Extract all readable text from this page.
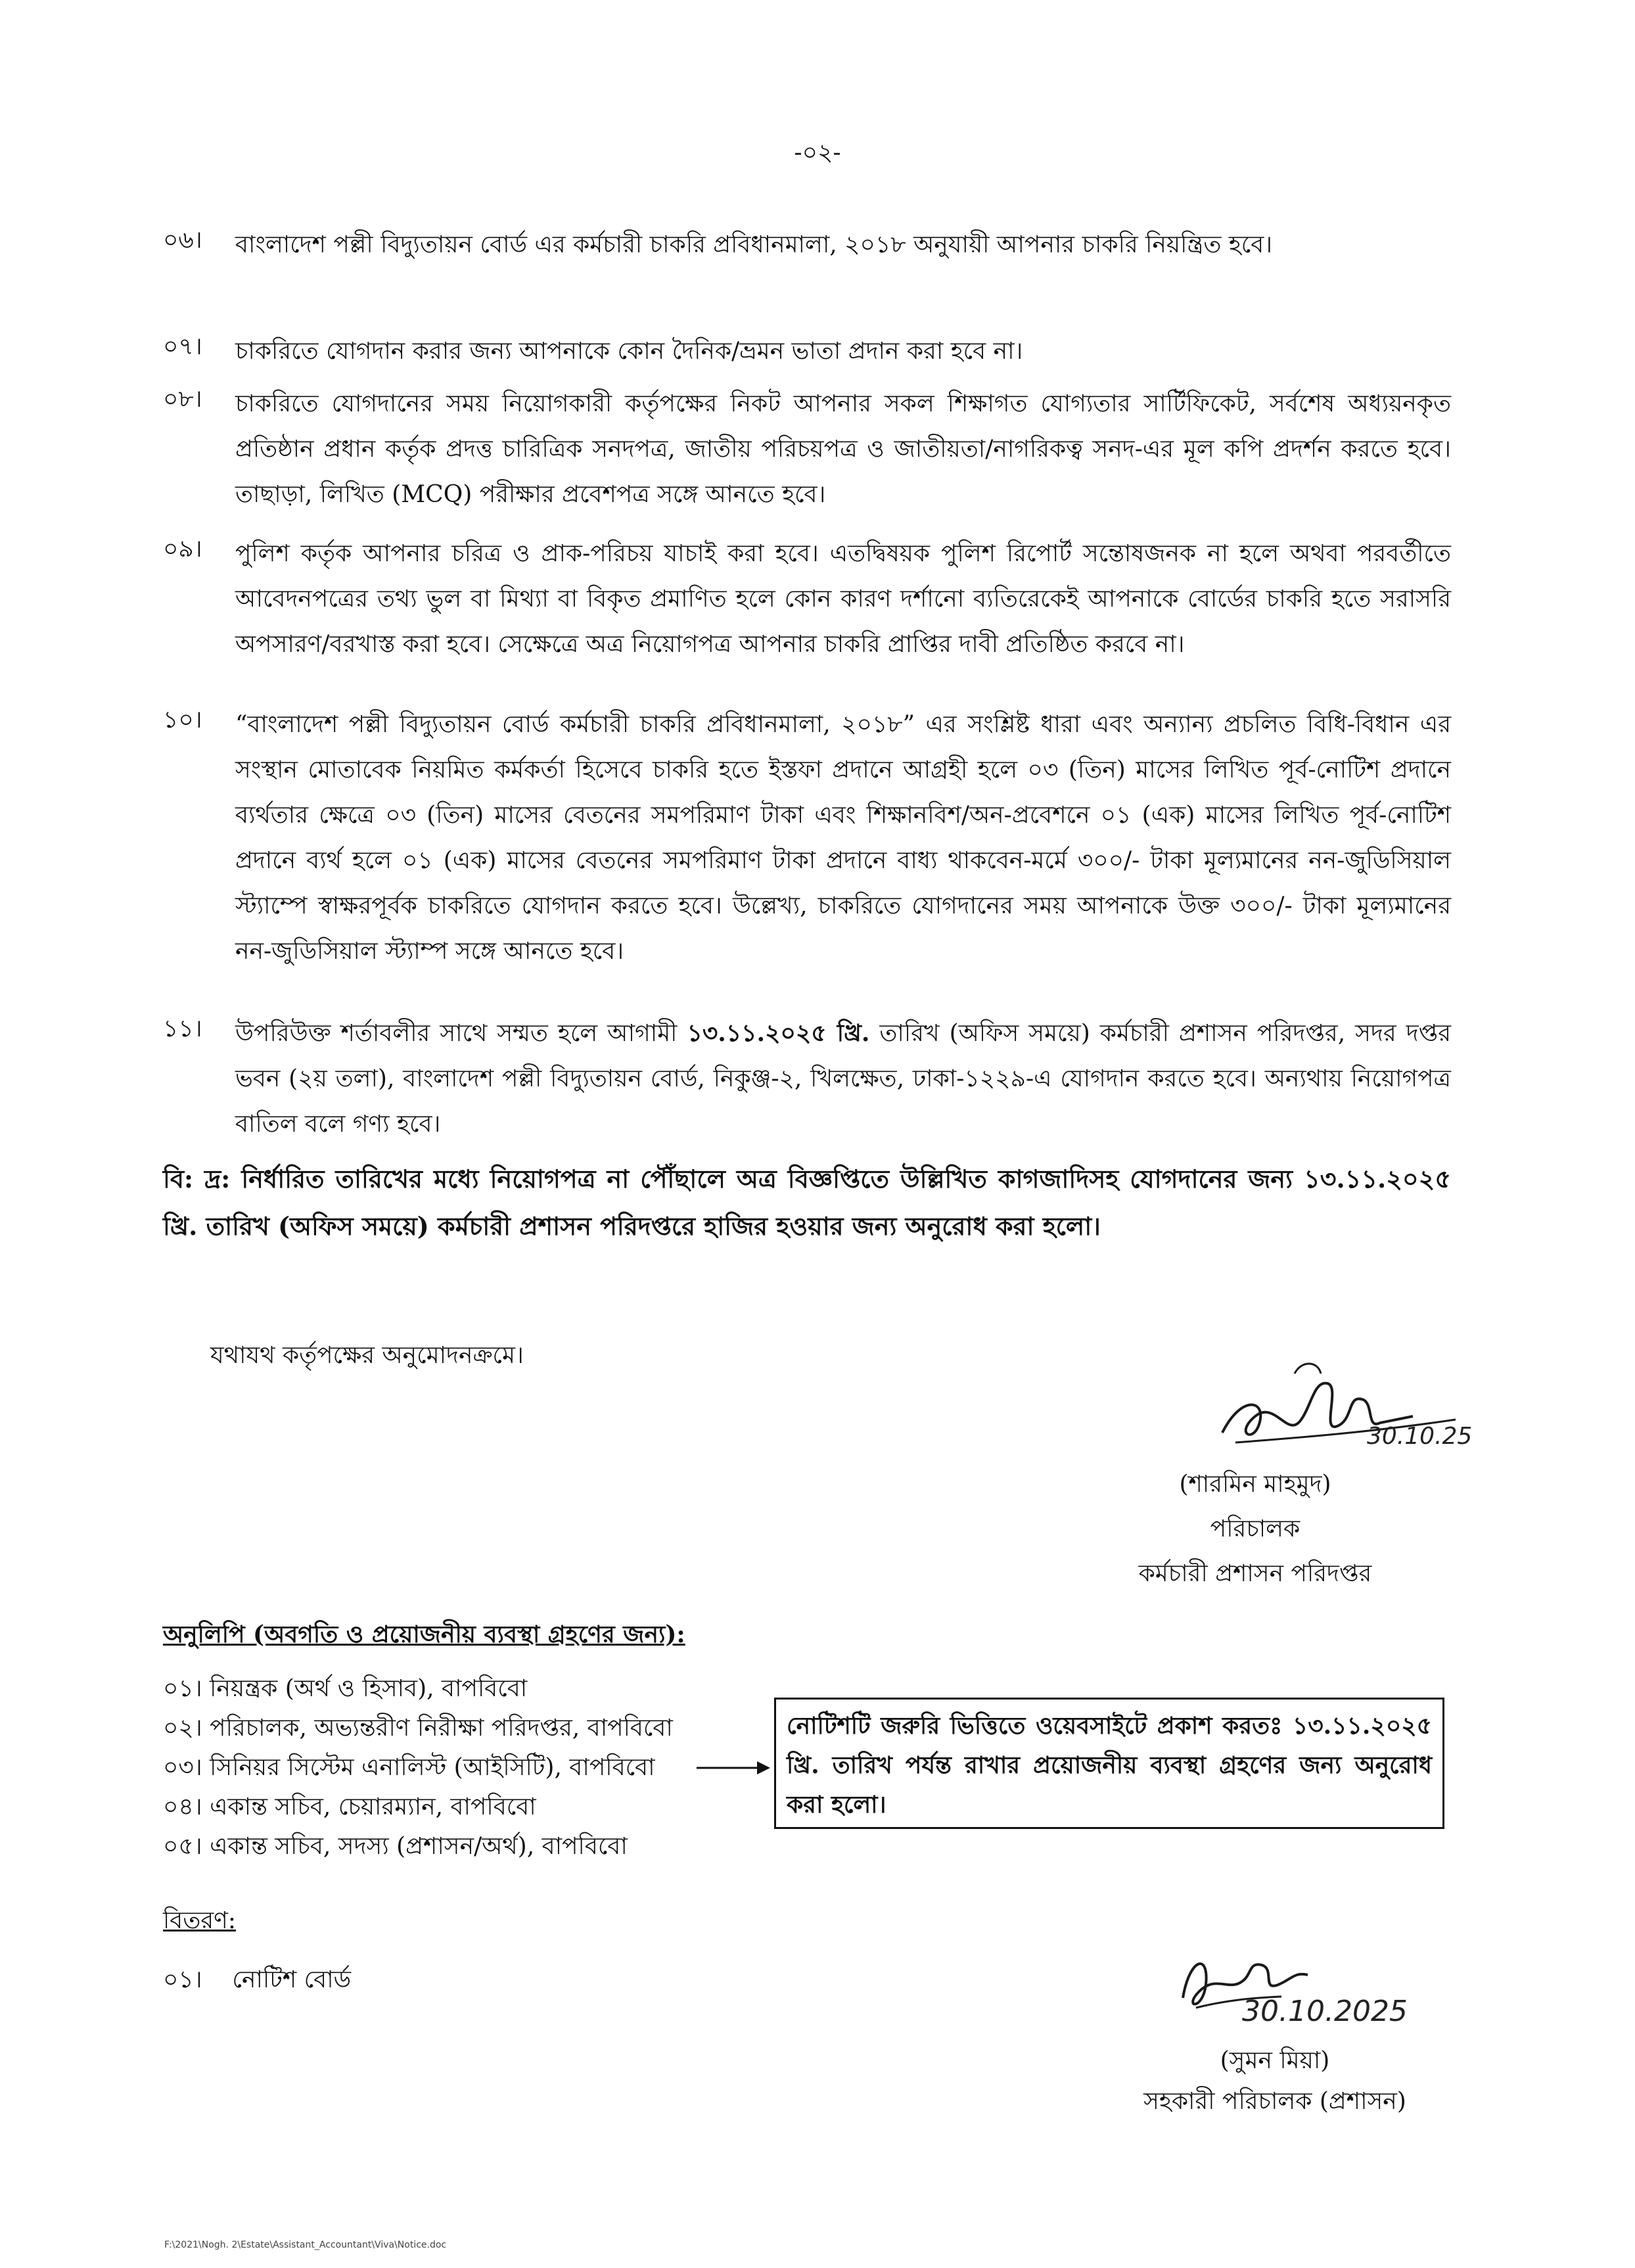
-০২-
০৬।	বাংলাদেশ পল্লী বিদ্যুতায়ন বোর্ড এর কর্মচারী চাকরি প্রবিধানমালা, ২০১৮ অনুযায়ী আপনার চাকরি নিয়ন্ত্রিত হবে।
০৭।	চাকরিতে যোগদান করার জন্য আপনাকে কোন দৈনিক/ভ্রমন ভাতা প্রদান করা হবে না।
০৮।	চাকরিতে যোগদানের সময় নিয়োগকারী কর্তৃপক্ষের নিকট আপনার সকল শিক্ষাগত যোগ্যতার সার্টিফিকেট, সর্বশেষ অধ্যয়নকৃত প্রতিষ্ঠান প্রধান কর্তৃক প্রদত্ত চারিত্রিক সনদপত্র, জাতীয় পরিচয়পত্র ও জাতীয়তা/নাগরিকত্ব সনদ-এর মূল কপি প্রদর্শন করতে হবে। তাছাড়া, লিখিত (MCQ) পরীক্ষার প্রবেশপত্র সঙ্গে আনতে হবে।
০৯।	পুলিশ কর্তৃক আপনার চরিত্র ও প্রাক-পরিচয় যাচাই করা হবে। এতদ্বিষয়ক পুলিশ রিপোর্ট সন্তোষজনক না হলে অথবা পরবর্তীতে আবেদনপত্রের তথ্য ভুল বা মিথ্যা বা বিকৃত প্রমাণিত হলে কোন কারণ দর্শানো ব্যতিরেকেই আপনাকে বোর্ডের চাকরি হতে সরাসরি অপসারণ/বরখাস্ত করা হবে। সেক্ষেত্রে অত্র নিয়োগপত্র আপনার চাকরি প্রাপ্তির দাবী প্রতিষ্ঠিত করবে না।
১০।	“বাংলাদেশ পল্লী বিদ্যুতায়ন বোর্ড কর্মচারী চাকরি প্রবিধানমালা, ২০১৮” এর সংশ্লিষ্ট ধারা এবং অন্যান্য প্রচলিত বিধি-বিধান এর সংস্থান মোতাবেক নিয়মিত কর্মকর্তা হিসেবে চাকরি হতে ইস্তফা প্রদানে আগ্রহী হলে ০৩ (তিন) মাসের লিখিত পূর্ব-নোটিশ প্রদানে ব্যর্থতার ক্ষেত্রে ০৩ (তিন) মাসের বেতনের সমপরিমাণ টাকা এবং শিক্ষানবিশ/অন-প্রবেশনে ০১ (এক) মাসের লিখিত পূর্ব-নোটিশ প্রদানে ব্যর্থ হলে ০১ (এক) মাসের বেতনের সমপরিমাণ টাকা প্রদানে বাধ্য থাকবেন-মর্মে ৩০০/- টাকা মূল্যমানের নন-জুডিসিয়াল স্ট্যাম্পে স্বাক্ষরপূর্বক চাকরিতে যোগদান করতে হবে। উল্লেখ্য, চাকরিতে যোগদানের সময় আপনাকে উক্ত ৩০০/- টাকা মূল্যমানের নন-জুডিসিয়াল স্ট্যাম্প সঙ্গে আনতে হবে।
১১।	উপরিউক্ত শর্তাবলীর সাথে সম্মত হলে আগামী ১৩.১১.২০২৫ খ্রি. তারিখ (অফিস সময়ে) কর্মচারী প্রশাসন পরিদপ্তর, সদর দপ্তর ভবন (২য় তলা), বাংলাদেশ পল্লী বিদ্যুতায়ন বোর্ড, নিকুঞ্জ-২, খিলক্ষেত, ঢাকা-১২২৯-এ যোগদান করতে হবে। অন্যথায় নিয়োগপত্র বাতিল বলে গণ্য হবে।
বি: দ্র: নির্ধারিত তারিখের মধ্যে নিয়োগপত্র না পৌঁছালে অত্র বিজ্ঞপ্তিতে উল্লিখিত কাগজাদিসহ যোগদানের জন্য ১৩.১১.২০২৫ খ্রি. তারিখ (অফিস সময়ে) কর্মচারী প্রশাসন পরিদপ্তরে হাজির হওয়ার জন্য অনুরোধ করা হলো।
যথাযথ কর্তৃপক্ষের অনুমোদনক্রমে।
30.10.25
(শারমিন মাহমুদ)
পরিচালক
কর্মচারী প্রশাসন পরিদপ্তর
অনুলিপি (অবগতি ও প্রয়োজনীয় ব্যবস্থা গ্রহণের জন্য):
০১। নিয়ন্ত্রক (অর্থ ও হিসাব), বাপবিবো
০২। পরিচালক, অভ্যন্তরীণ নিরীক্ষা পরিদপ্তর, বাপবিবো
০৩। সিনিয়র সিস্টেম এনালিস্ট (আইসিটি), বাপবিবো
০৪। একান্ত সচিব, চেয়ারম্যান, বাপবিবো
০৫। একান্ত সচিব, সদস্য (প্রশাসন/অর্থ), বাপবিবো
নোটিশটি জরুরি ভিত্তিতে ওয়েবসাইটে প্রকাশ করতঃ ১৩.১১.২০২৫ খ্রি. তারিখ পর্যন্ত রাখার প্রয়োজনীয় ব্যবস্থা গ্রহণের জন্য অনুরোধ করা হলো।
বিতরণ:
০১।    নোটিশ বোর্ড
30.10.2025
(সুমন মিয়া)
সহকারী পরিচালক (প্রশাসন)
F:\2021\Nogh. 2\Estate\Assistant_Accountant\Viva\Notice.doc
